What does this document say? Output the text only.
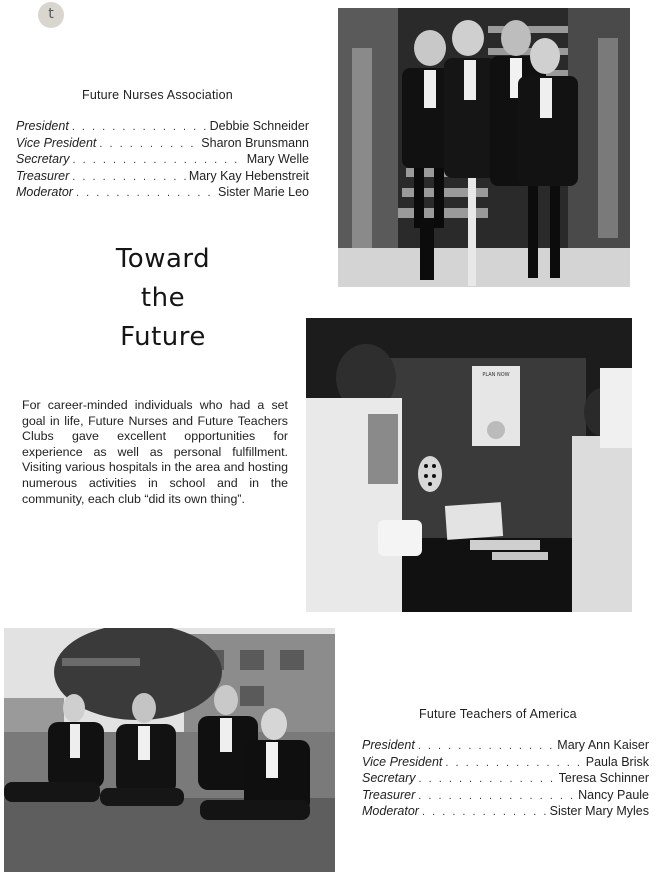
t
Future Nurses Association
President . . .	Debbie Schneider
Vice President . . .	Sharon Brunsmann
Secretary . . .	Mary Welle
Treasurer . . .	Mary Kay Hebenstreit
Moderator . . .	Sister Marie Leo
Toward
the
Future
For career-minded individuals who had a set goal in life, Future Nurses and Future Teachers Clubs gave excellent opportunities for experience as well as personal fulfillment. Visiting various hospitals in the area and hosting numerous activities in school and in the community, each club “did its own thing”.
PLAN NOW
Future Teachers of America
President . . .	Mary Ann Kaiser
Vice President . . .	Paula Brisk
Secretary . . .	Teresa Schinner
Treasurer . . .	Nancy Paule
Moderator . . .	Sister Mary Myles
